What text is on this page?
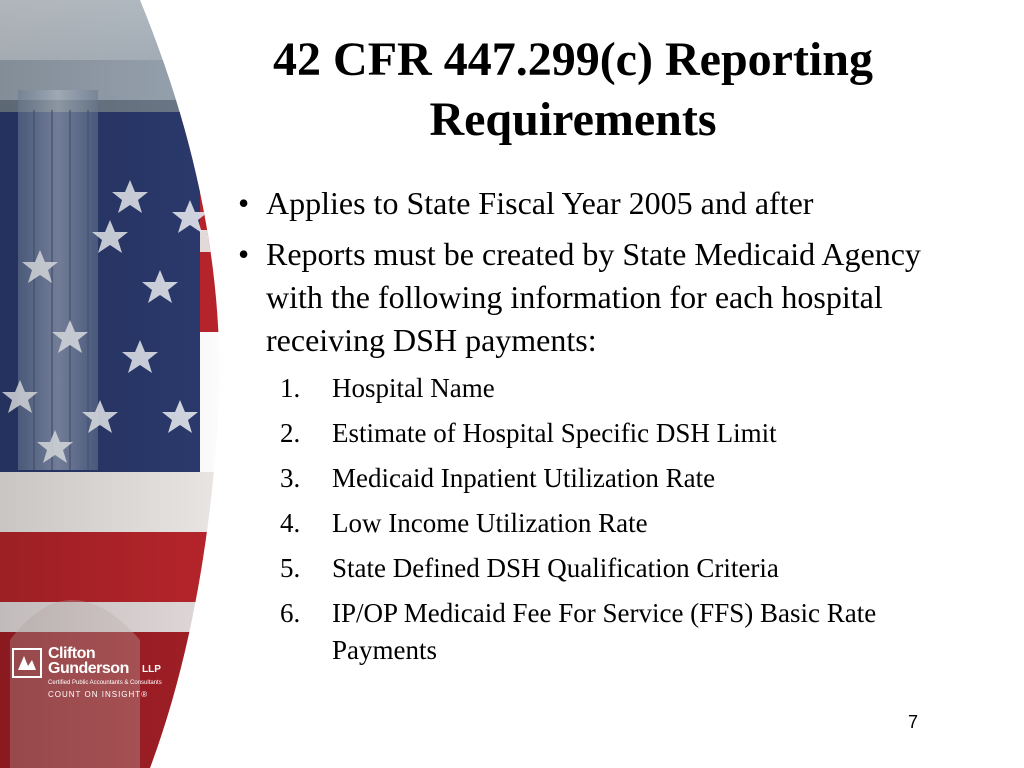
Clifton
Gunderson LLP
Certified Public Accountants & Consultants
COUNT ON INSIGHT®
42 CFR 447.299(c) Reporting Requirements
• Applies to State Fiscal Year 2005 and after
• Reports must be created by State Medicaid Agency with the following information for each hospital receiving DSH payments:
1. Hospital Name
2. Estimate of Hospital Specific DSH Limit
3. Medicaid Inpatient Utilization Rate
4. Low Income Utilization Rate
5. State Defined DSH Qualification Criteria
6. IP/OP Medicaid Fee For Service (FFS) Basic Rate Payments
7
